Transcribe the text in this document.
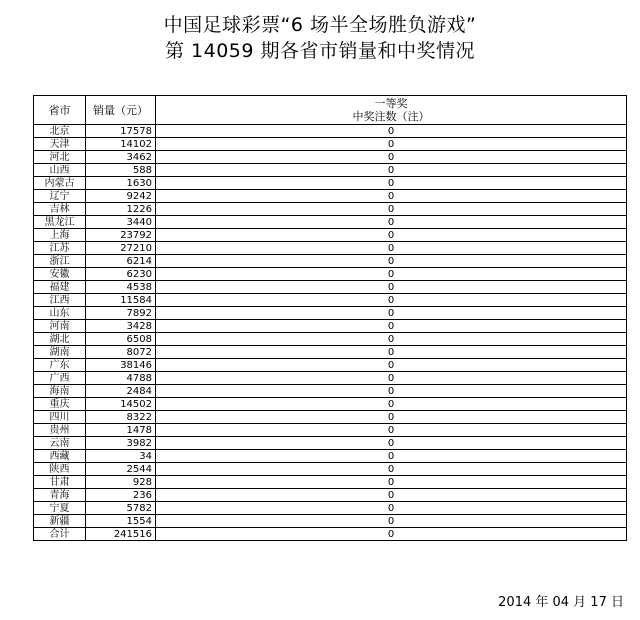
中国足球彩票“6 场半全场胜负游戏”
第 14059 期各省市销量和中奖情况
省市	销量（元）	一等奖
中奖注数（注）

北京	17578	0
天津	14102	0
河北	3462	0
山西	588	0
内蒙古	1630	0
辽宁	9242	0
吉林	1226	0
黑龙江	3440	0
上海	23792	0
江苏	27210	0
浙江	6214	0
安徽	6230	0
福建	4538	0
江西	11584	0
山东	7892	0
河南	3428	0
湖北	6508	0
湖南	8072	0
广东	38146	0
广西	4788	0
海南	2484	0
重庆	14502	0
四川	8322	0
贵州	1478	0
云南	3982	0
西藏	34	0
陕西	2544	0
甘肃	928	0
青海	236	0
宁夏	5782	0
新疆	1554	0
合计	241516	0
2014 年 04 月 17 日
